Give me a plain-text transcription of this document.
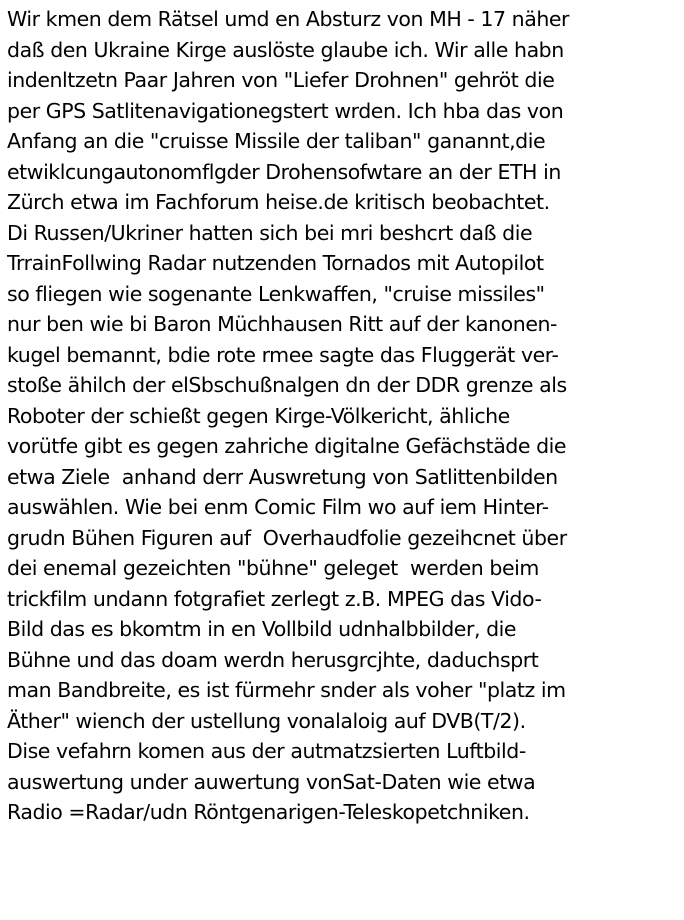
Wir kmen dem Rätsel umd en Absturz von MH - 17 näher
daß den Ukraine Kirge auslöste glaube ich. Wir alle habn
indenltzetn Paar Jahren von "Liefer Drohnen" gehröt die
per GPS Satlitenavigationegstert wrden. Ich hba das von
Anfang an die "cruisse Missile der taliban" ganannt,die
etwiklcungautonomflgder Drohensofwtare an der ETH in
Zürch etwa im Fachforum heise.de kritisch beobachtet.
Di Russen/Ukriner hatten sich bei mri beshcrt daß die
TrrainFollwing Radar nutzenden Tornados mit Autopilot
so fliegen wie sogenante Lenkwaffen, "cruise missiles"
nur ben wie bi Baron Müchhausen Ritt auf der kanonen-
kugel bemannt, bdie rote rmee sagte das Fluggerät ver-
stoße ähilch der elSbschußnalgen dn der DDR grenze als
Roboter der schießt gegen Kirge-Völkericht, ähliche
vorütfe gibt es gegen zahriche digitalne Gefächstäde die
etwa Ziele  anhand derr Auswretung von Satlittenbilden
auswählen. Wie bei enm Comic Film wo auf iem Hinter-
grudn Bühen Figuren auf  Overhaudfolie gezeihcnet über
dei enemal gezeichten "bühne" geleget  werden beim
trickfilm undann fotgrafiet zerlegt z.B. MPEG das Vido-
Bild das es bkomtm in en Vollbild udnhalbbilder, die
Bühne und das doam werdn herusgrcjhte, daduchsprt
man Bandbreite, es ist fürmehr snder als voher "platz im
Äther" wiench der ustellung vonalaloig auf DVB(T/2).
Dise vefahrn komen aus der autmatzsierten Luftbild-
auswertung under auwertung vonSat-Daten wie etwa
Radio =Radar/udn Röntgenarigen-Teleskopetchniken.
